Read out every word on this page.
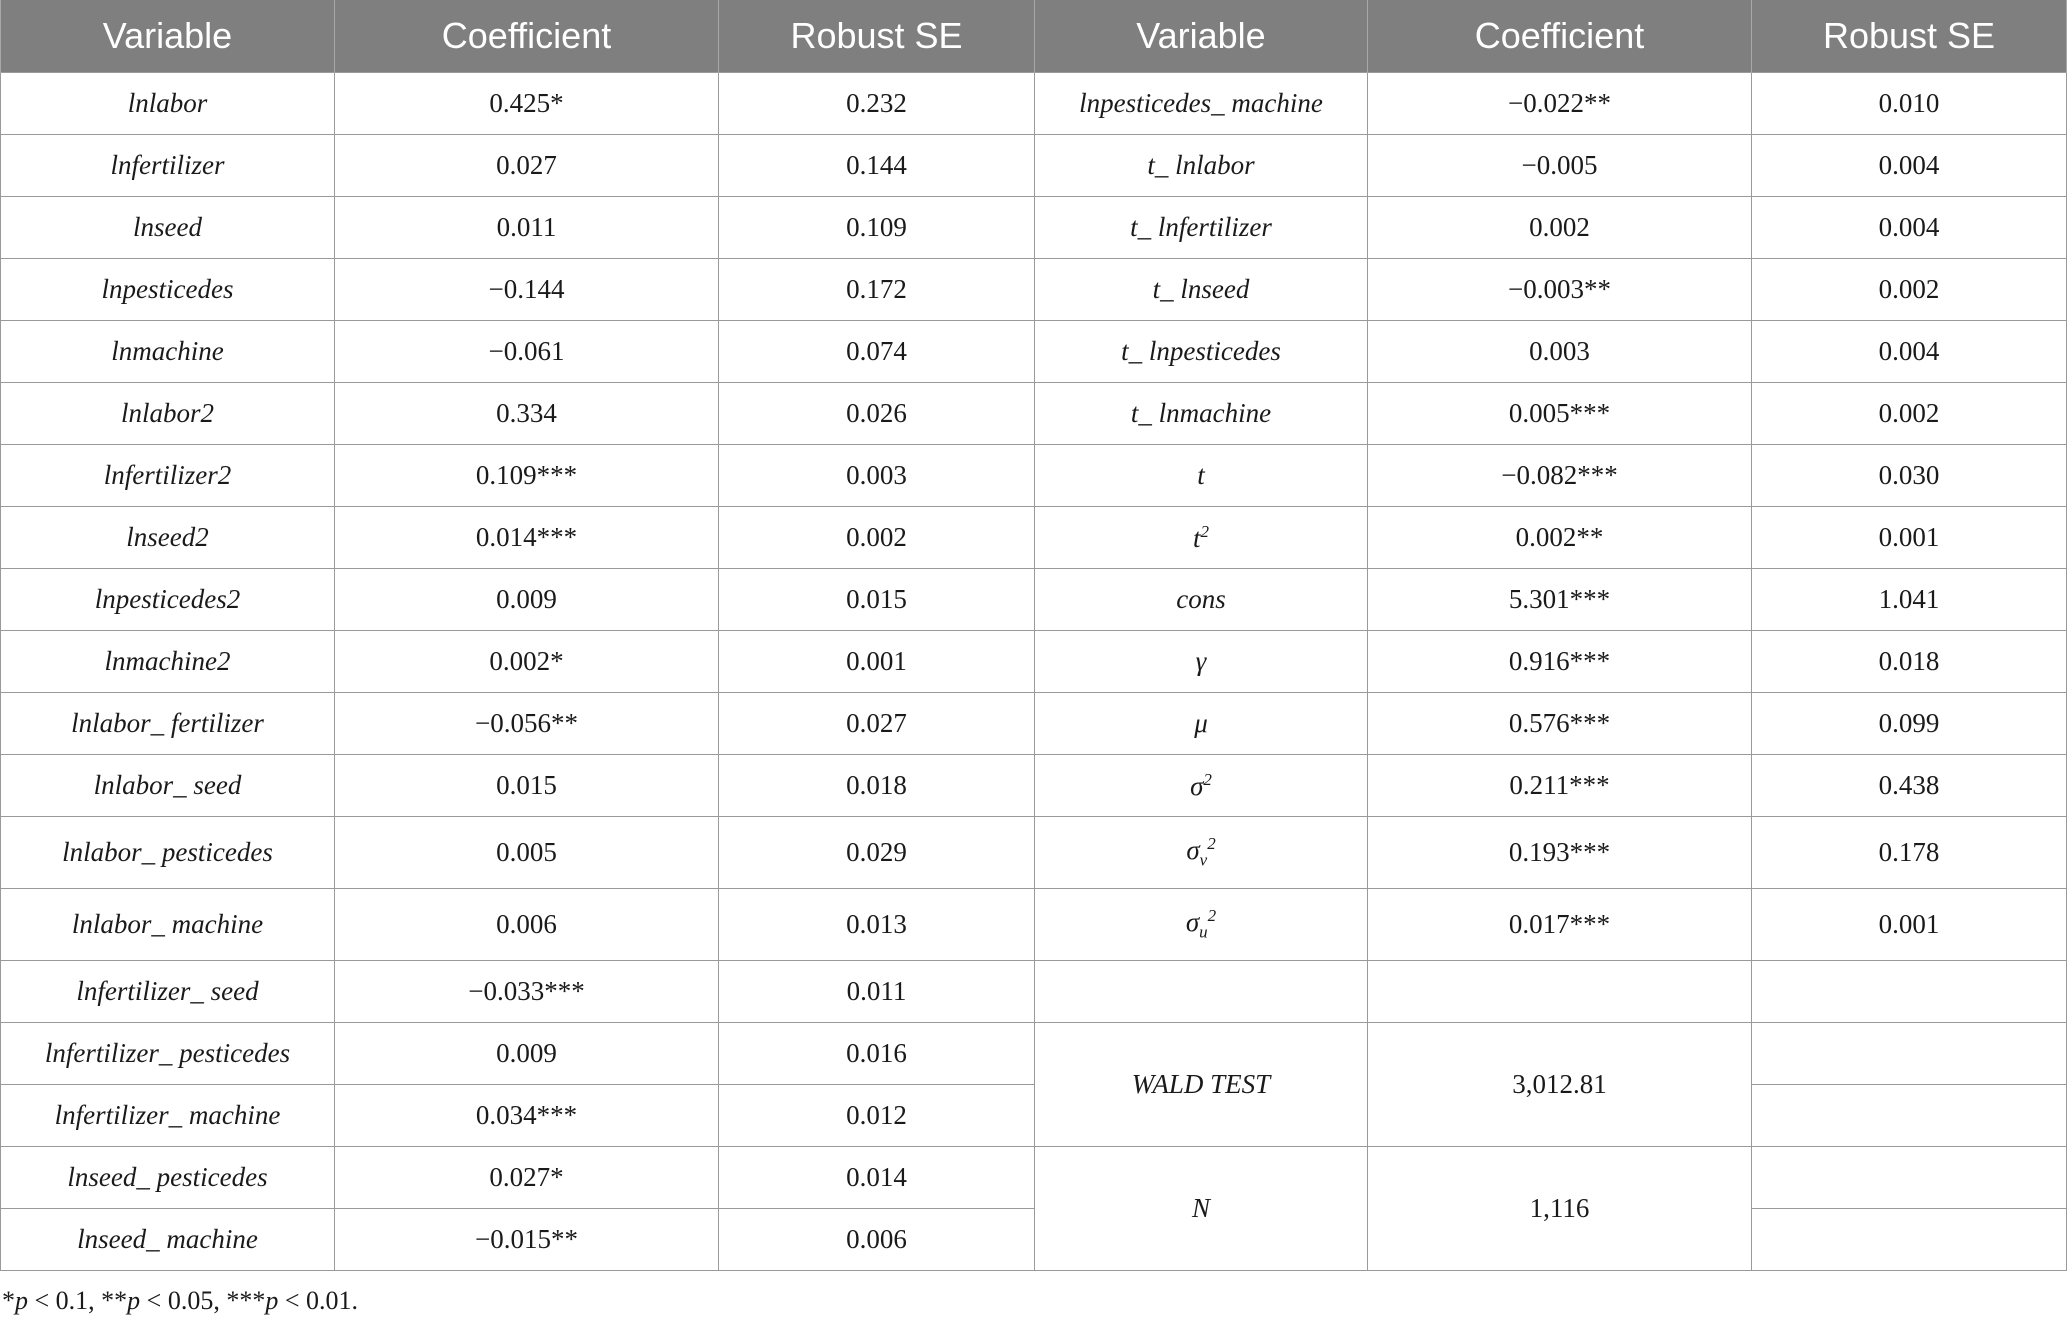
Variable	Coefficient	Robust SE	Variable	Coefficient	Robust SE
lnlabor	0.425*	0.232	lnpesticedes_ machine	−0.022**	0.010
lnfertilizer	0.027	0.144	t_ lnlabor	−0.005	0.004
lnseed	0.011	0.109	t_ lnfertilizer	0.002	0.004
lnpesticedes	−0.144	0.172	t_ lnseed	−0.003**	0.002
lnmachine	−0.061	0.074	t_ lnpesticedes	0.003	0.004
lnlabor2	0.334	0.026	t_ lnmachine	0.005***	0.002
lnfertilizer2	0.109***	0.003	t	−0.082***	0.030
lnseed2	0.014***	0.002	$t^2$	0.002**	0.001
lnpesticedes2	0.009	0.015	cons	5.301***	1.041
lnmachine2	0.002*	0.001	γ	0.916***	0.018
lnlabor_ fertilizer	−0.056**	0.027	μ	0.576***	0.099
lnlabor_ seed	0.015	0.018	$\sigma^2$	0.211***	0.438
lnlabor_ pesticedes	0.005	0.029	$\sigma_v^2$	0.193***	0.178
lnlabor_ machine	0.006	0.013	$\sigma_u^2$	0.017***	0.001
lnfertilizer_ seed	−0.033***	0.011			
lnfertilizer_ pesticedes	0.009	0.016	WALD TEST	3,012.81	
lnfertilizer_ machine	0.034***	0.012			
lnseed_ pesticedes	0.027*	0.014	N	1,116	
lnseed_ machine	−0.015**	0.006			
*p < 0.1, **p < 0.05, ***p < 0.01.
